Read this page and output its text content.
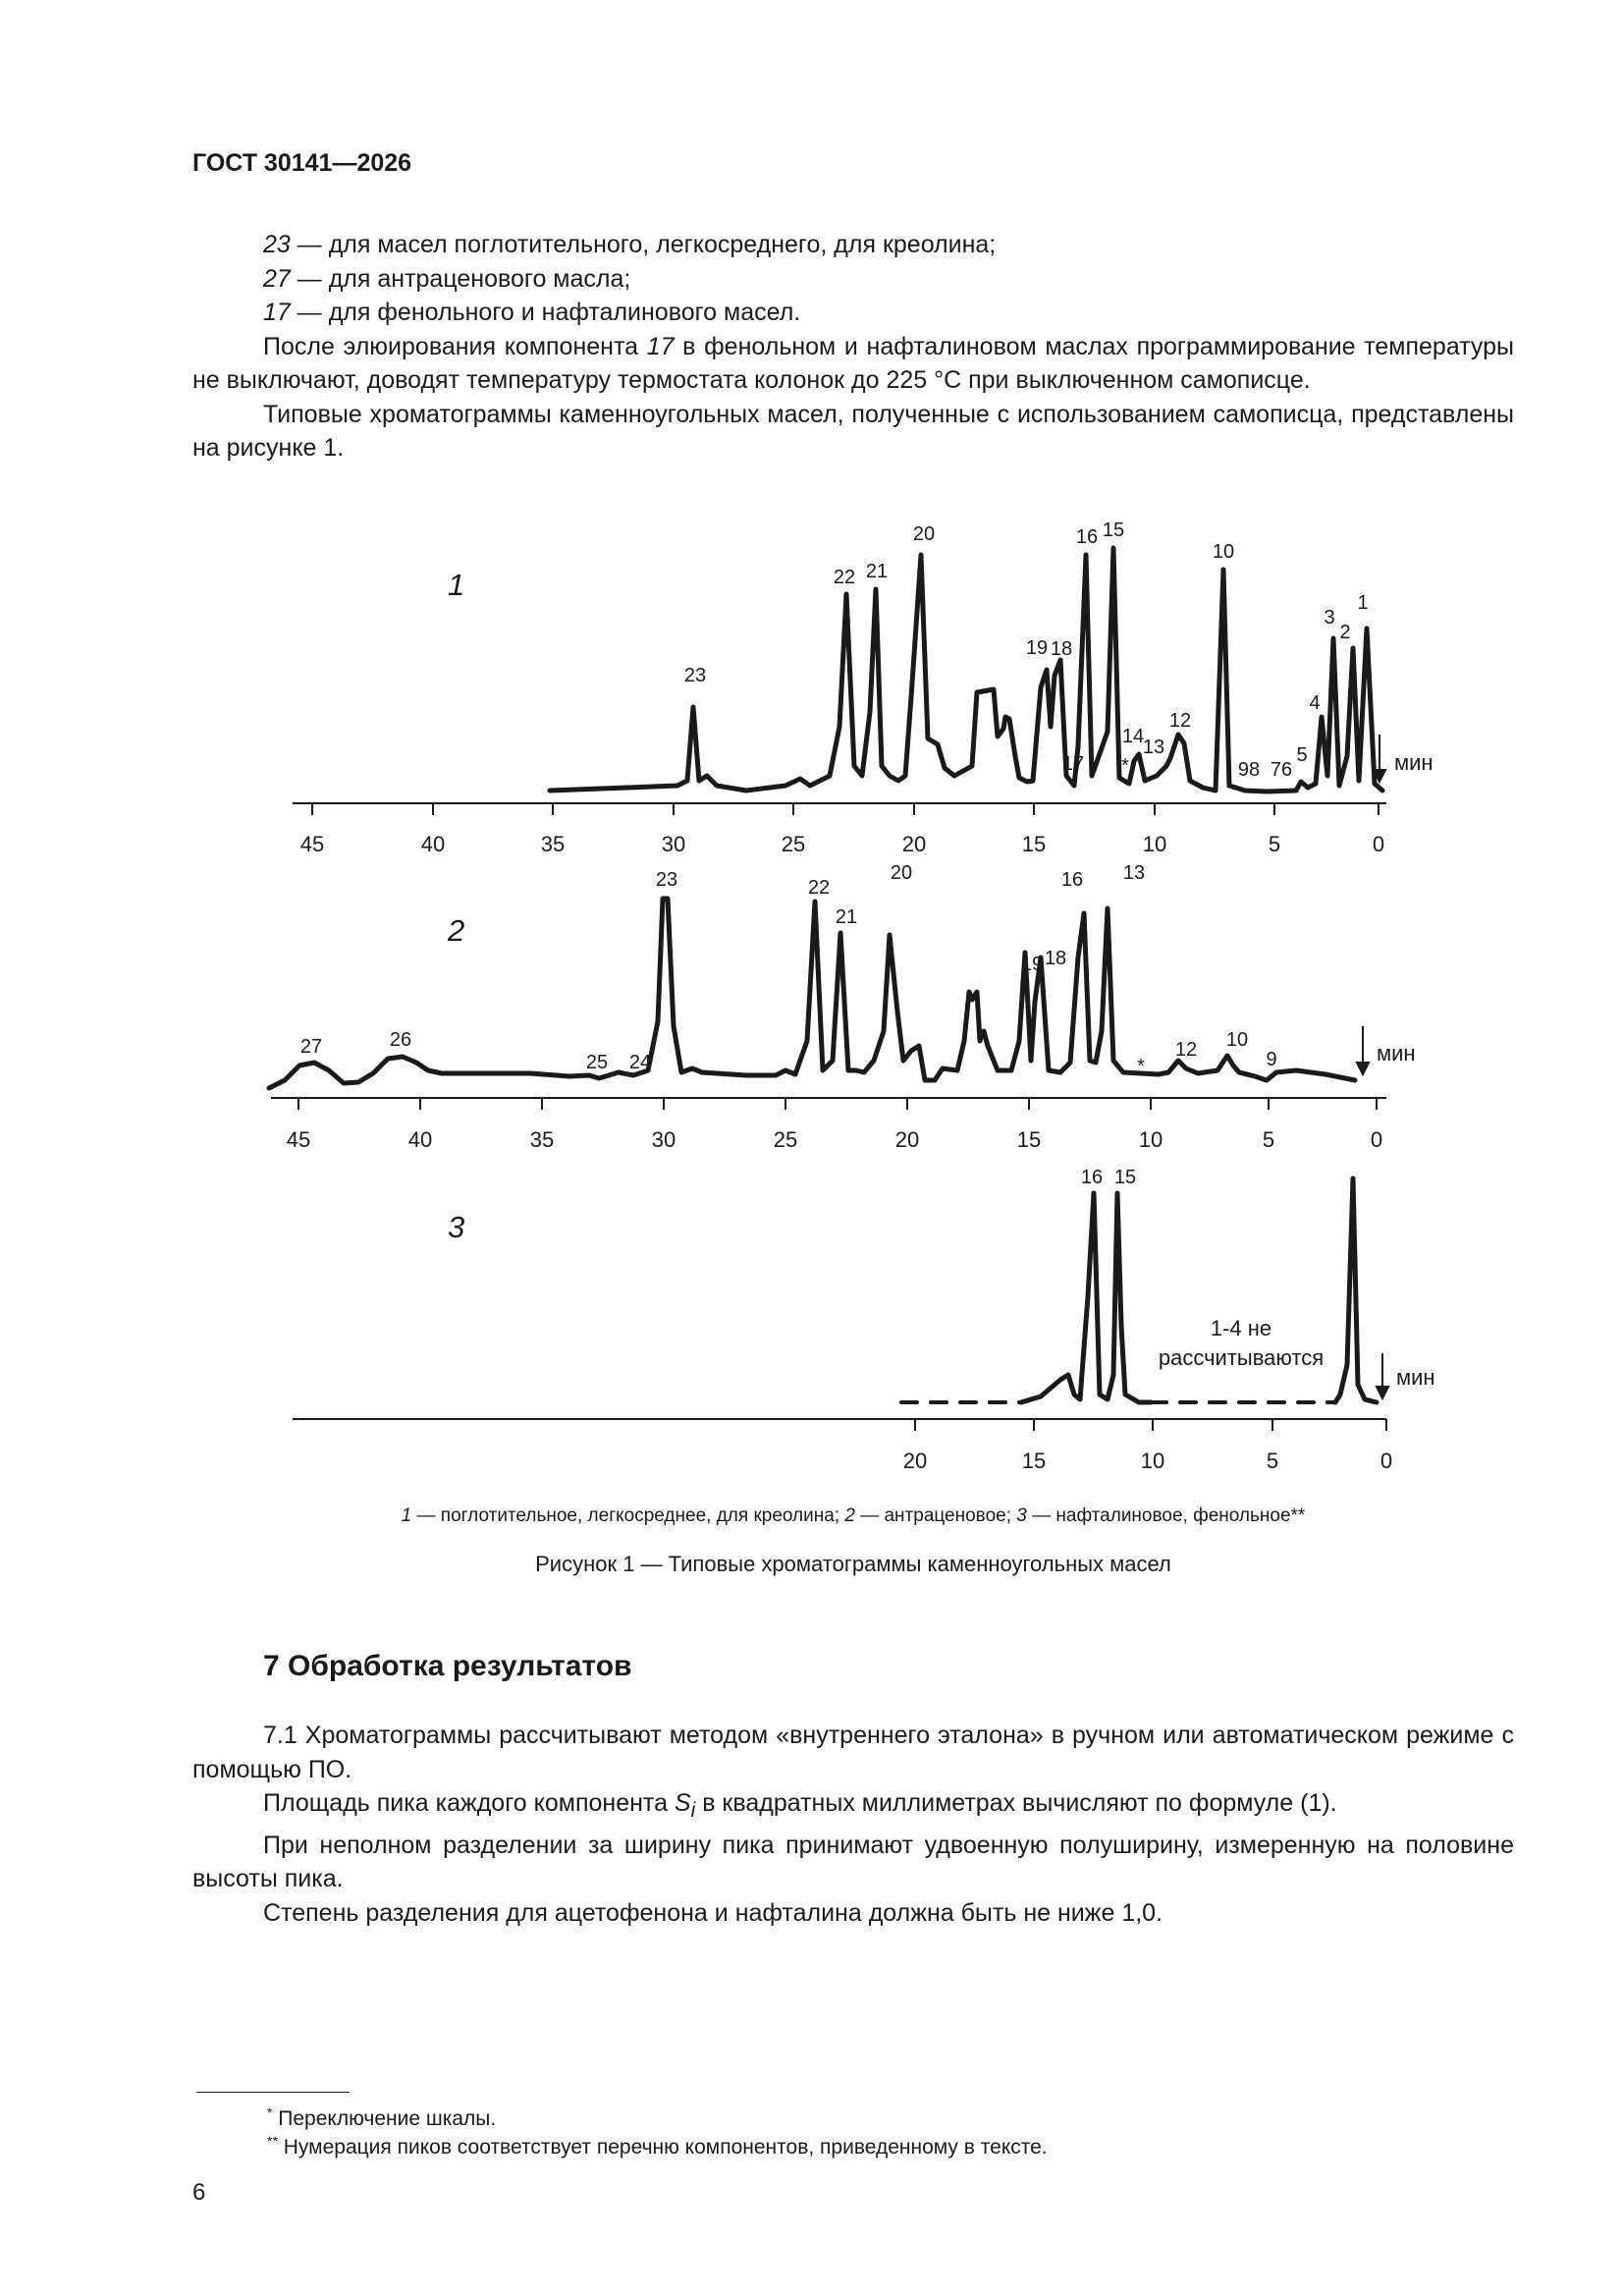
ГОСТ 30141—2026

23 — для масел поглотительного, легкосреднего, для креолина;

27 — для антраценового масла;

17 — для фенольного и нафталинового масел.

После элюирования компонента 17 в фенольном и нафталиновом маслах программирование температуры не выключают, доводят температуру термостата колонок до 225 °С при выключенном самописце.

Типовые хроматограммы каменноугольных масел, полученные с использованием самописца, представлены на рисунке 1.

45	40	35	30	25	20	15	10	5	0
45	40	35	30	25	20	15	10	5	0
20	15	10	5	0
мин
мин
мин
1
2
3
23
22 21
20
19 18
17
16 15
14
13
12
10
98 76
5
4
3
2
1
27	26
25 24
23	22
21
20
19 18
16 13
12 10
9
16 15
*
*
1-4 не
рассчитываются
1 — поглотительное, легкосреднее, для креолина; 2 — антраценовое; 3 — нафталиновое, фенольное**
Рисунок 1 — Типовые хроматограммы каменноугольных масел
7 Обработка результатов

7.1 Хроматограммы рассчитывают методом «внутреннего эталона» в ручном или автоматическом режиме с помощью ПО.

Площадь пика каждого компонента $S_i$ в квадратных миллиметрах вычисляют по формуле (1).

При неполном разделении за ширину пика принимают удвоенную полуширину, измеренную на половине высоты пика.

Степень разделения для ацетофенона и нафталина должна быть не ниже 1,0.

* Переключение шкалы.
** Нумерация пиков соответствует перечню компонентов, приведенному в тексте.
6
